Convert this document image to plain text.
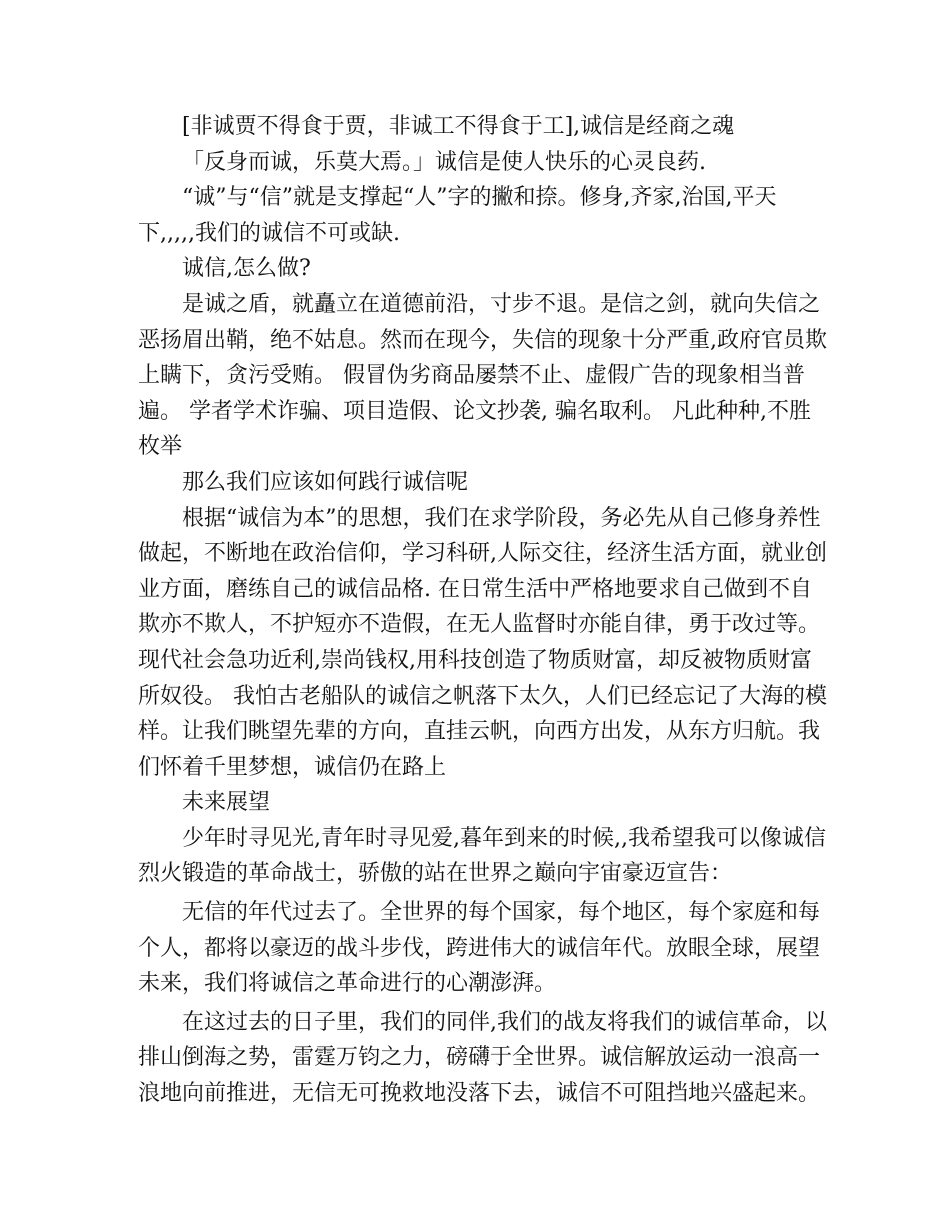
[非诚贾不得食于贾，非诚工不得食于工],诚信是经商之魂

「反身而诚，乐莫大焉。」诚信是使人快乐的心灵良药.

“诚”与“信”就是支撑起“人”字的撇和捺。修身,齐家,治国,平天下,,,,,我们的诚信不可或缺.

诚信,怎么做?

是诚之盾，就矗立在道德前沿，寸步不退。是信之剑，就向失信之恶扬眉出鞘，绝不姑息。然而在现今，失信的现象十分严重,政府官员欺上瞒下，贪污受贿。 假冒伪劣商品屡禁不止、虚假广告的现象相当普遍。 学者学术诈骗、项目造假、论文抄袭, 骗名取利。 凡此种种,不胜枚举

那么我们应该如何践行诚信呢

根据“诚信为本”的思想，我们在求学阶段，务必先从自己修身养性做起，不断地在政治信仰，学习科研,人际交往，经济生活方面，就业创业方面，磨练自己的诚信品格. 在日常生活中严格地要求自己做到不自欺亦不欺人，不护短亦不造假，在无人监督时亦能自律，勇于改过等。 现代社会急功近利,崇尚钱权,用科技创造了物质财富，却反被物质财富所奴役。 我怕古老船队的诚信之帆落下太久，人们已经忘记了大海的模样。让我们眺望先辈的方向，直挂云帆，向西方出发，从东方归航。我们怀着千里梦想，诚信仍在路上

未来展望

少年时寻见光,青年时寻见爱,暮年到来的时候,,我希望我可以像诚信烈火锻造的革命战士，骄傲的站在世界之巅向宇宙豪迈宣告：

无信的年代过去了。全世界的每个国家，每个地区，每个家庭和每个人，都将以豪迈的战斗步伐，跨进伟大的诚信年代。放眼全球，展望未来，我们将诚信之革命进行的心潮澎湃。

在这过去的日子里，我们的同伴,我们的战友将我们的诚信革命，以排山倒海之势，雷霆万钧之力，磅礴于全世界。诚信解放运动一浪高一浪地向前推进，无信无可挽救地没落下去，诚信不可阻挡地兴盛起来。
